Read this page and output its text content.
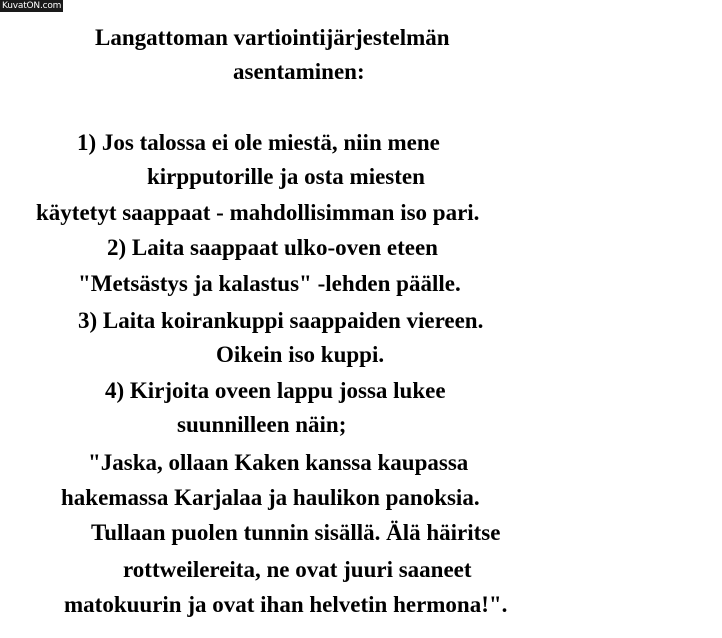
KuvatON.com
Langattoman vartiointijärjestelmän
asentaminen:
1) Jos talossa ei ole miestä, niin mene
kirpputorille ja osta miesten
käytetyt saappaat - mahdollisimman iso pari.
2) Laita saappaat ulko-oven eteen
"Metsästys ja kalastus" -lehden päälle.
3) Laita koirankuppi saappaiden viereen.
Oikein iso kuppi.
4) Kirjoita oveen lappu jossa lukee
suunnilleen näin;
"Jaska, ollaan Kaken kanssa kaupassa
hakemassa Karjalaa ja haulikon panoksia.
Tullaan puolen tunnin sisällä. Älä häiritse
rottweilereita, ne ovat juuri saaneet
matokuurin ja ovat ihan helvetin hermona!".
